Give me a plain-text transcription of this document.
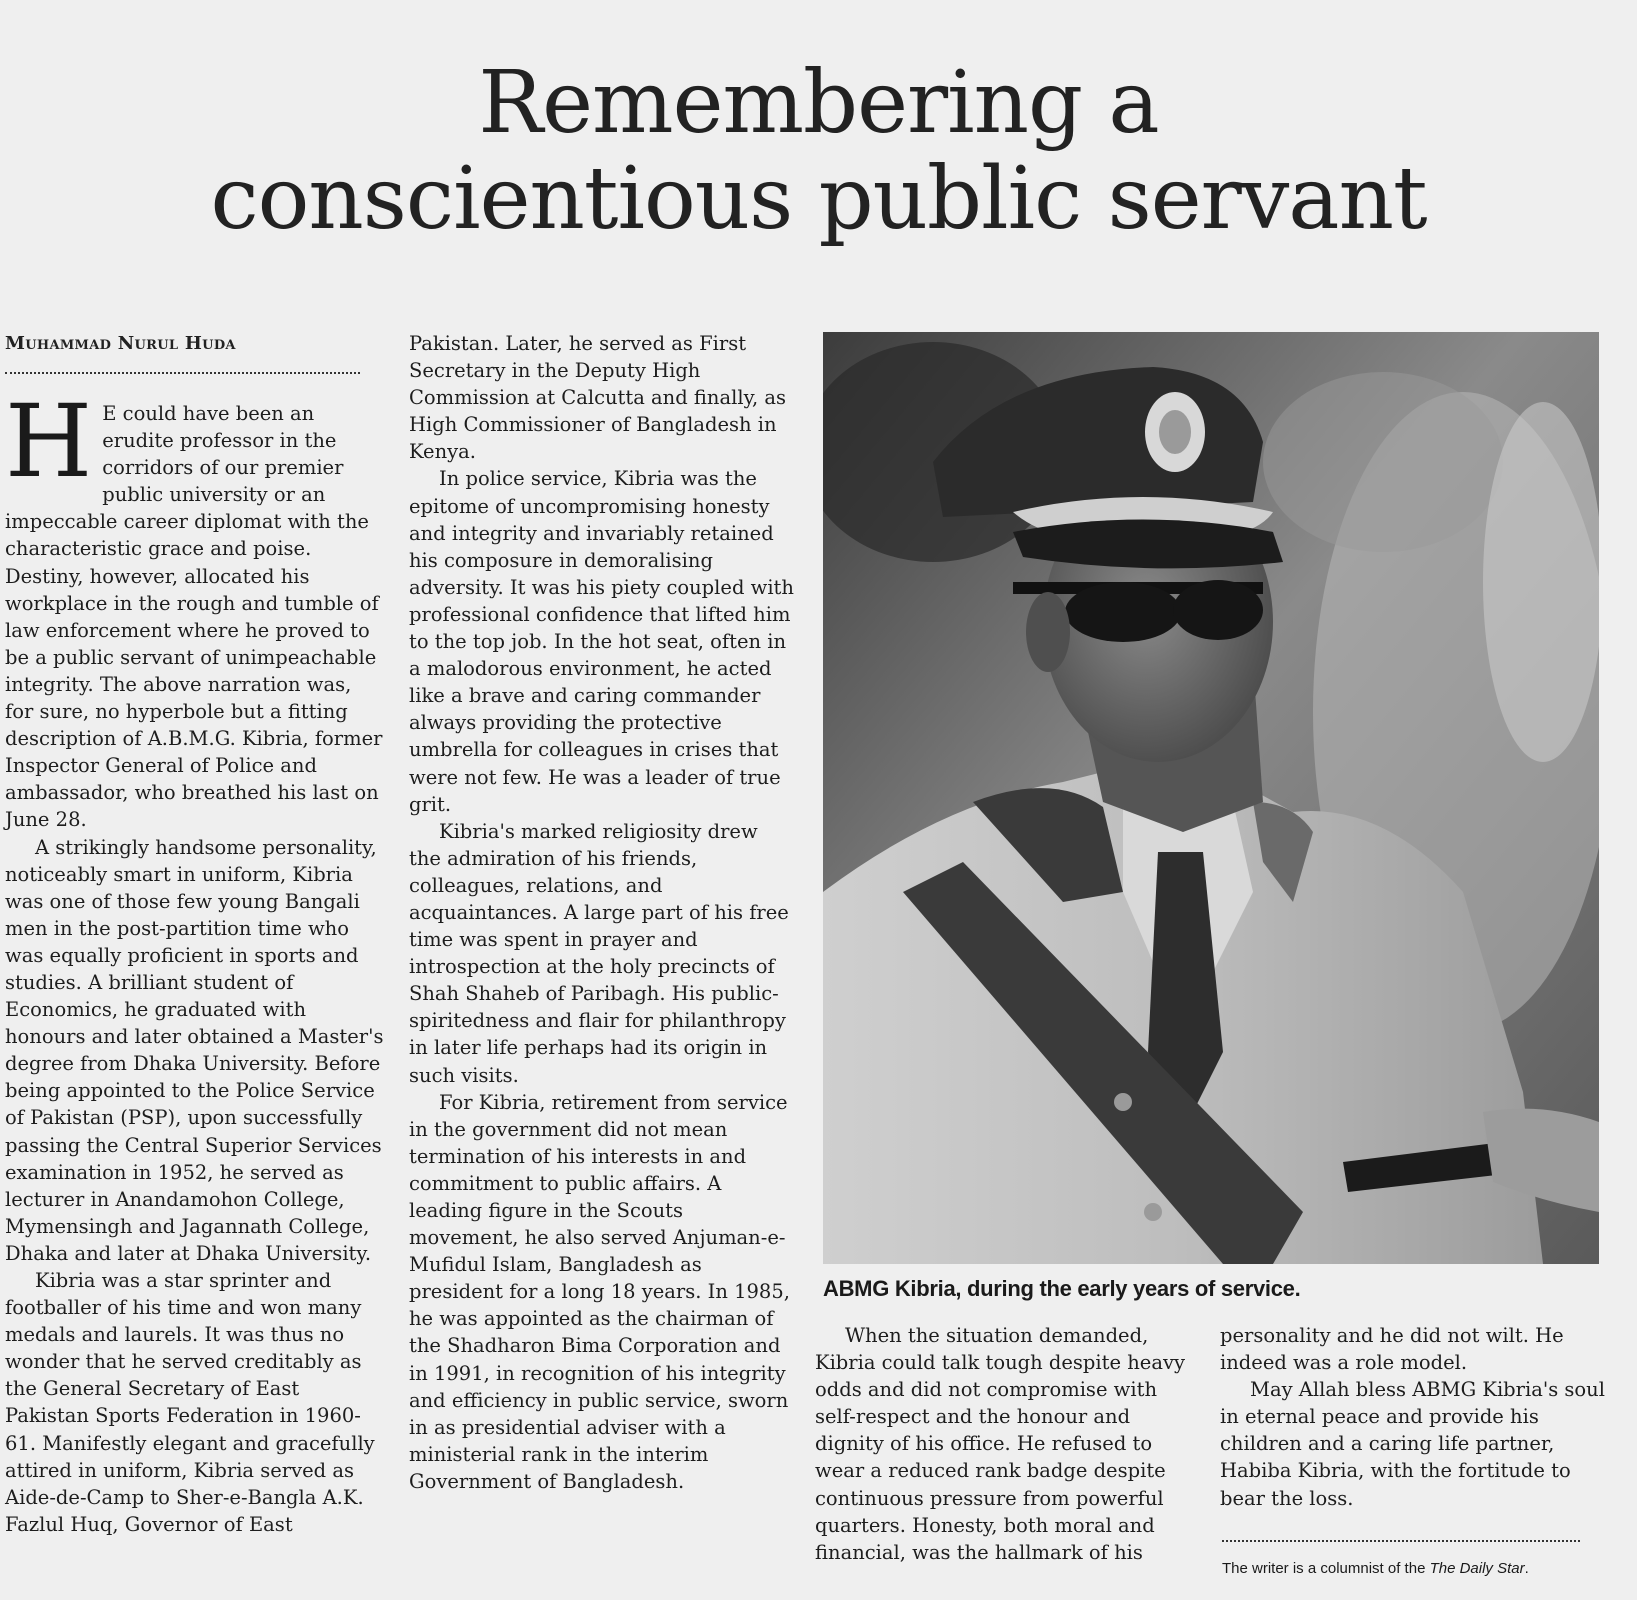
Remembering a
conscientious public servant
Muhammad Nurul Huda

H E could have been an erudite professor in the corridors of our premier public university or an impeccable career diplomat with the characteristic grace and poise. Destiny, however, allocated his workplace in the rough and tumble of law enforcement where he proved to be a public servant of unimpeachable integrity. The above narration was, for sure, no hyperbole but a fitting description of A.B.M.G. Kibria, former Inspector General of Police and ambassador, who breathed his last on June 28.

A strikingly handsome personality, noticeably smart in uniform, Kibria was one of those few young Bangali men in the post-partition time who was equally proficient in sports and studies. A brilliant student of Economics, he graduated with honours and later obtained a Master's degree from Dhaka University. Before being appointed to the Police Service of Pakistan (PSP), upon successfully passing the Central Superior Services examination in 1952, he served as lecturer in Anandamohon College, Mymensingh and Jagannath College, Dhaka and later at Dhaka University.

Kibria was a star sprinter and footballer of his time and won many medals and laurels. It was thus no wonder that he served creditably as the General Secretary of East Pakistan Sports Federation in 1960-61. Manifestly elegant and gracefully attired in uniform, Kibria served as Aide-de-Camp to Sher-e-Bangla A.K. Fazlul Huq, Governor of East

Pakistan. Later, he served as First Secretary in the Deputy High Commission at Calcutta and finally, as High Commissioner of Bangladesh in Kenya.

In police service, Kibria was the epitome of uncompromising honesty and integrity and invariably retained his composure in demoralising adversity. It was his piety coupled with professional confidence that lifted him to the top job. In the hot seat, often in a malodorous environment, he acted like a brave and caring commander always providing the protective umbrella for colleagues in crises that were not few. He was a leader of true grit.

Kibria's marked religiosity drew the admiration of his friends, colleagues, relations, and acquaintances. A large part of his free time was spent in prayer and introspection at the holy precincts of Shah Shaheb of Paribagh. His public-spiritedness and flair for philanthropy in later life perhaps had its origin in such visits.

For Kibria, retirement from service in the government did not mean termination of his interests in and commitment to public affairs. A leading figure in the Scouts movement, he also served Anjuman-e-Mufidul Islam, Bangladesh as president for a long 18 years. In 1985, he was appointed as the chairman of the Shadharon Bima Corporation and in 1991, in recognition of his integrity and efficiency in public service, sworn in as presidential adviser with a ministerial rank in the interim Government of Bangladesh.

ABMG Kibria, during the early years of service.

When the situation demanded, Kibria could talk tough despite heavy odds and did not compromise with self-respect and the honour and dignity of his office. He refused to wear a reduced rank badge despite continuous pressure from powerful quarters. Honesty, both moral and financial, was the hallmark of his

personality and he did not wilt. He indeed was a role model.

May Allah bless ABMG Kibria's soul in eternal peace and provide his children and a caring life partner, Habiba Kibria, with the fortitude to bear the loss.

The writer is a columnist of the The Daily Star.
